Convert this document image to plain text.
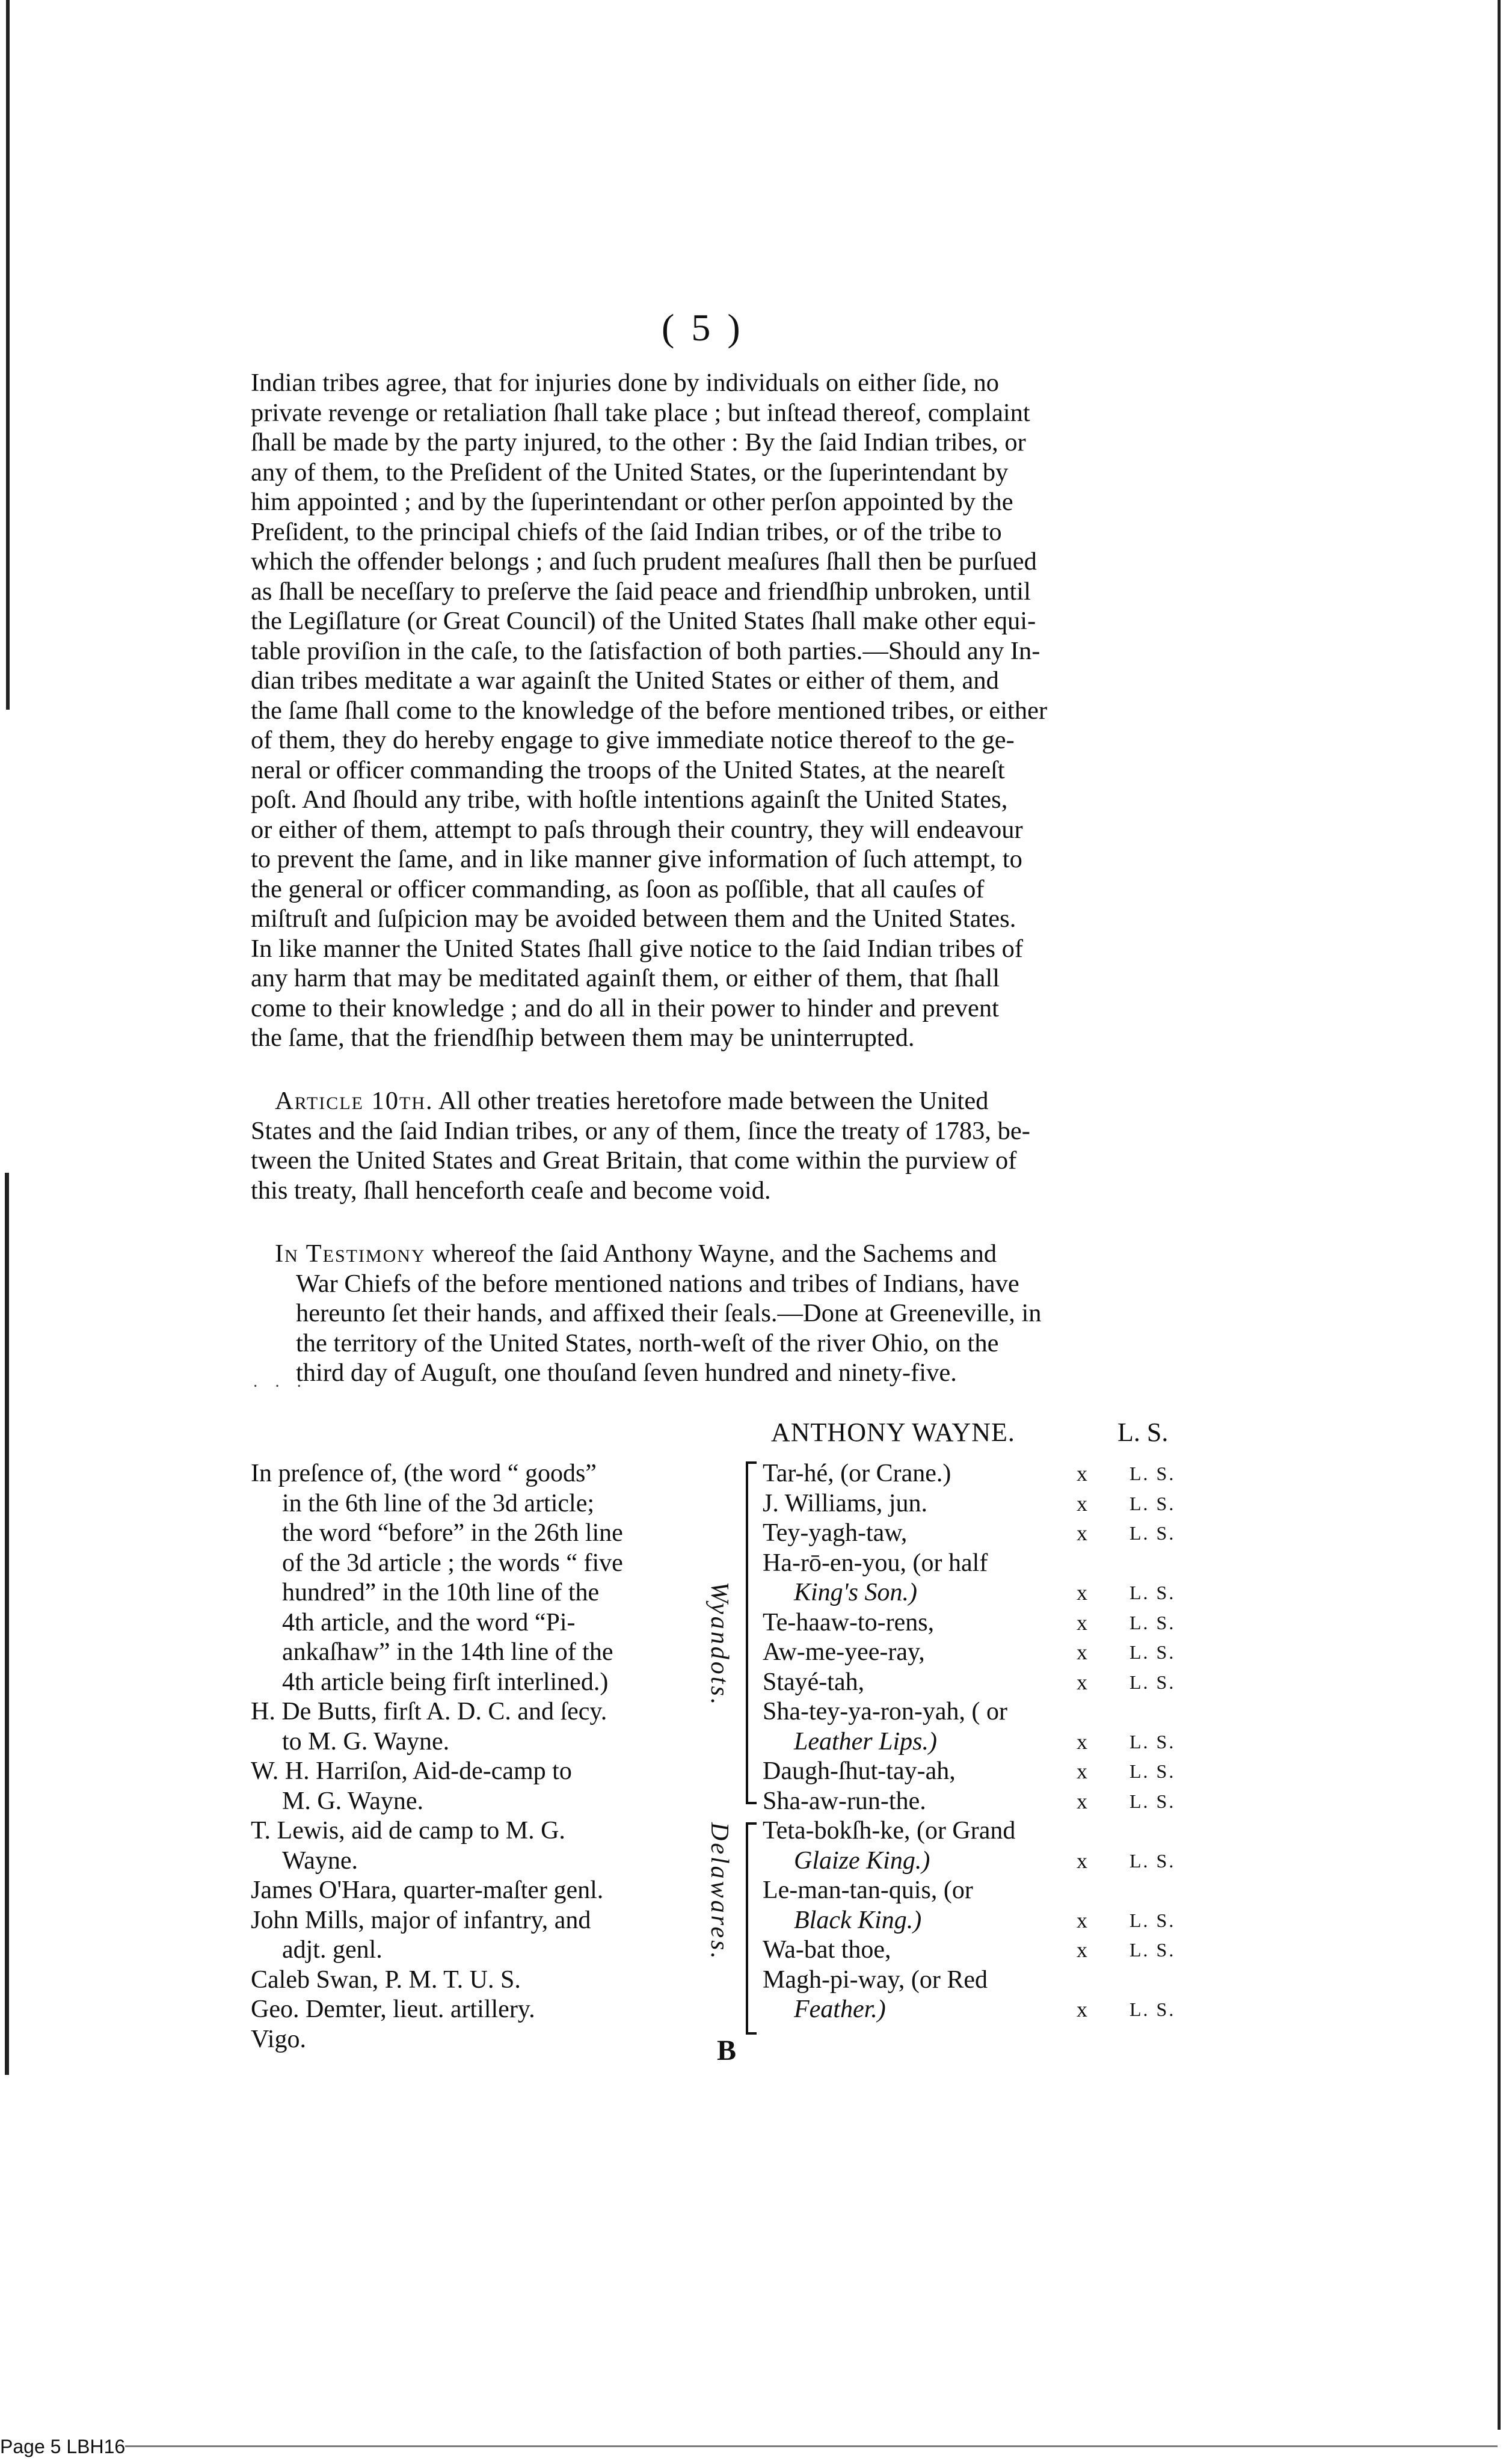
( 5 )
Indian tribes agree, that for injuries done by individuals on either ſide, no
private revenge or retaliation ſhall take place ; but inſtead thereof, complaint
ſhall be made by the party injured, to the other : By the ſaid Indian tribes, or
any of them, to the Preſident of the United States, or the ſuperintendant by
him appointed ; and by the ſuperintendant or other perſon appointed by the
Preſident, to the principal chiefs of the ſaid Indian tribes, or of the tribe to
which the offender belongs ; and ſuch prudent meaſures ſhall then be purſued
as ſhall be neceſſary to preſerve the ſaid peace and friendſhip unbroken, until
the Legiſlature (or Great Council) of the United States ſhall make other equi-
table proviſion in the caſe, to the ſatisfaction of both parties.—Should any In-
dian tribes meditate a war againſt the United States or either of them, and
the ſame ſhall come to the knowledge of the before mentioned tribes, or either
of them, they do hereby engage to give immediate notice thereof to the ge-
neral or officer commanding the troops of the United States, at the neareſt
poſt. And ſhould any tribe, with hoſtle intentions againſt the United States,
or either of them, attempt to paſs through their country, they will endeavour
to prevent the ſame, and in like manner give information of ſuch attempt, to
the general or officer commanding, as ſoon as poſſible, that all cauſes of
miſtruſt and ſuſpicion may be avoided between them and the United States.
In like manner the United States ſhall give notice to the ſaid Indian tribes of
any harm that may be meditated againſt them, or either of them, that ſhall
come to their knowledge ; and do all in their power to hinder and prevent
the ſame, that the friendſhip between them may be uninterrupted.
Article 10th. All other treaties heretofore made between the United
States and the ſaid Indian tribes, or any of them, ſince the treaty of 1783, be-
tween the United States and Great Britain, that come within the purview of
this treaty, ſhall henceforth ceaſe and become void.
In Testimony whereof the ſaid Anthony Wayne, and the Sachems and
War Chiefs of the before mentioned nations and tribes of Indians, have
hereunto ſet their hands, and affixed their ſeals.—Done at Greeneville, in
the territory of the United States, north-weſt of the river Ohio, on the
third day of Auguſt, one thouſand ſeven hundred and ninety-five.
· · ·
ANTHONY WAYNE.	L. S.
In preſence of, (the word “ goods”
in the 6th line of the 3d article;
the word “before” in the 26th line
of the 3d article ; the words “ five
hundred” in the 10th line of the
4th article, and the word “Pi-
ankaſhaw” in the 14th line of the
4th article being firſt interlined.)
H. De Butts, firſt A. D. C. and ſecy.
to M. G. Wayne.
W. H. Harriſon, Aid-de-camp to
M. G. Wayne.
T. Lewis, aid de camp to M. G.
Wayne.
James O'Hara, quarter-maſter genl.
John Mills, major of infantry, and
adjt. genl.
Caleb Swan, P. M. T. U. S.
Geo. Demter, lieut. artillery.
Vigo.
Wyandots.
Tar-hé, (or Crane.)
J. Williams, jun.
Tey-yagh-taw,
Ha-rō-en-you, (or half
King's Son.)
Te-haaw-to-rens,
Aw-me-yee-ray,
Stayé-tah,
Sha-tey-ya-ron-yah, ( or
Leather Lips.)
Daugh-ſhut-tay-ah,
Sha-aw-run-the.
x
x
x

x
x
x
x

x
x
x
L. S.
L. S.
L. S.

L. S.
L. S.
L. S.
L. S.

L. S.
L. S.
L. S.
Delawares. Teta-bokſh-ke, (or Grand
Glaize King.)
Le-man-tan-quis, (or
Black King.)
Wa-bat thoe,
Magh-pi-way, (or Red
Feather.)

x

x
x

x

L. S.

L. S.
L. S.

L. S.
B
Page 5 LBH16
